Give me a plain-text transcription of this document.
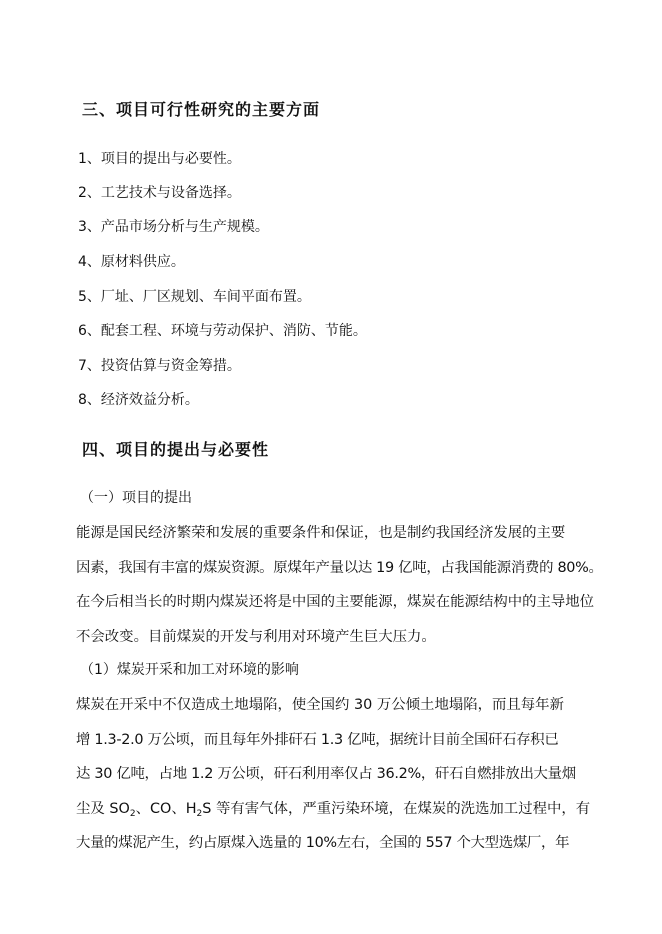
三、项目可行性研究的主要方面
1、项目的提出与必要性。
2、工艺技术与设备选择。
3、产品市场分析与生产规模。
4、原材料供应。
5、厂址、厂区规划、车间平面布置。
6、配套工程、环境与劳动保护、消防、节能。
7、投资估算与资金筹措。
8、经济效益分析。
四、项目的提出与必要性
（一）项目的提出
能源是国民经济繁荣和发展的重要条件和保证，也是制约我国经济发展的主要
因素，我国有丰富的煤炭资源。原煤年产量以达 19 亿吨，占我国能源消费的 80%。
在今后相当长的时期内煤炭还将是中国的主要能源，煤炭在能源结构中的主导地位
不会改变。目前煤炭的开发与利用对环境产生巨大压力。
（1）煤炭开采和加工对环境的影响
煤炭在开采中不仅造成土地塌陷，使全国约 30 万公倾土地塌陷，而且每年新
增 1.3-2.0 万公顷，而且每年外排矸石 1.3 亿吨，据统计目前全国矸石存积已
达 30 亿吨，占地 1.2 万公顷，矸石利用率仅占 36.2%，矸石自燃排放出大量烟
尘及 $SO_2$、CO、$H_2S$ 等有害气体，严重污染环境，在煤炭的洗选加工过程中，有
大量的煤泥产生，约占原煤入选量的 10%左右，全国的 557 个大型选煤厂，年
